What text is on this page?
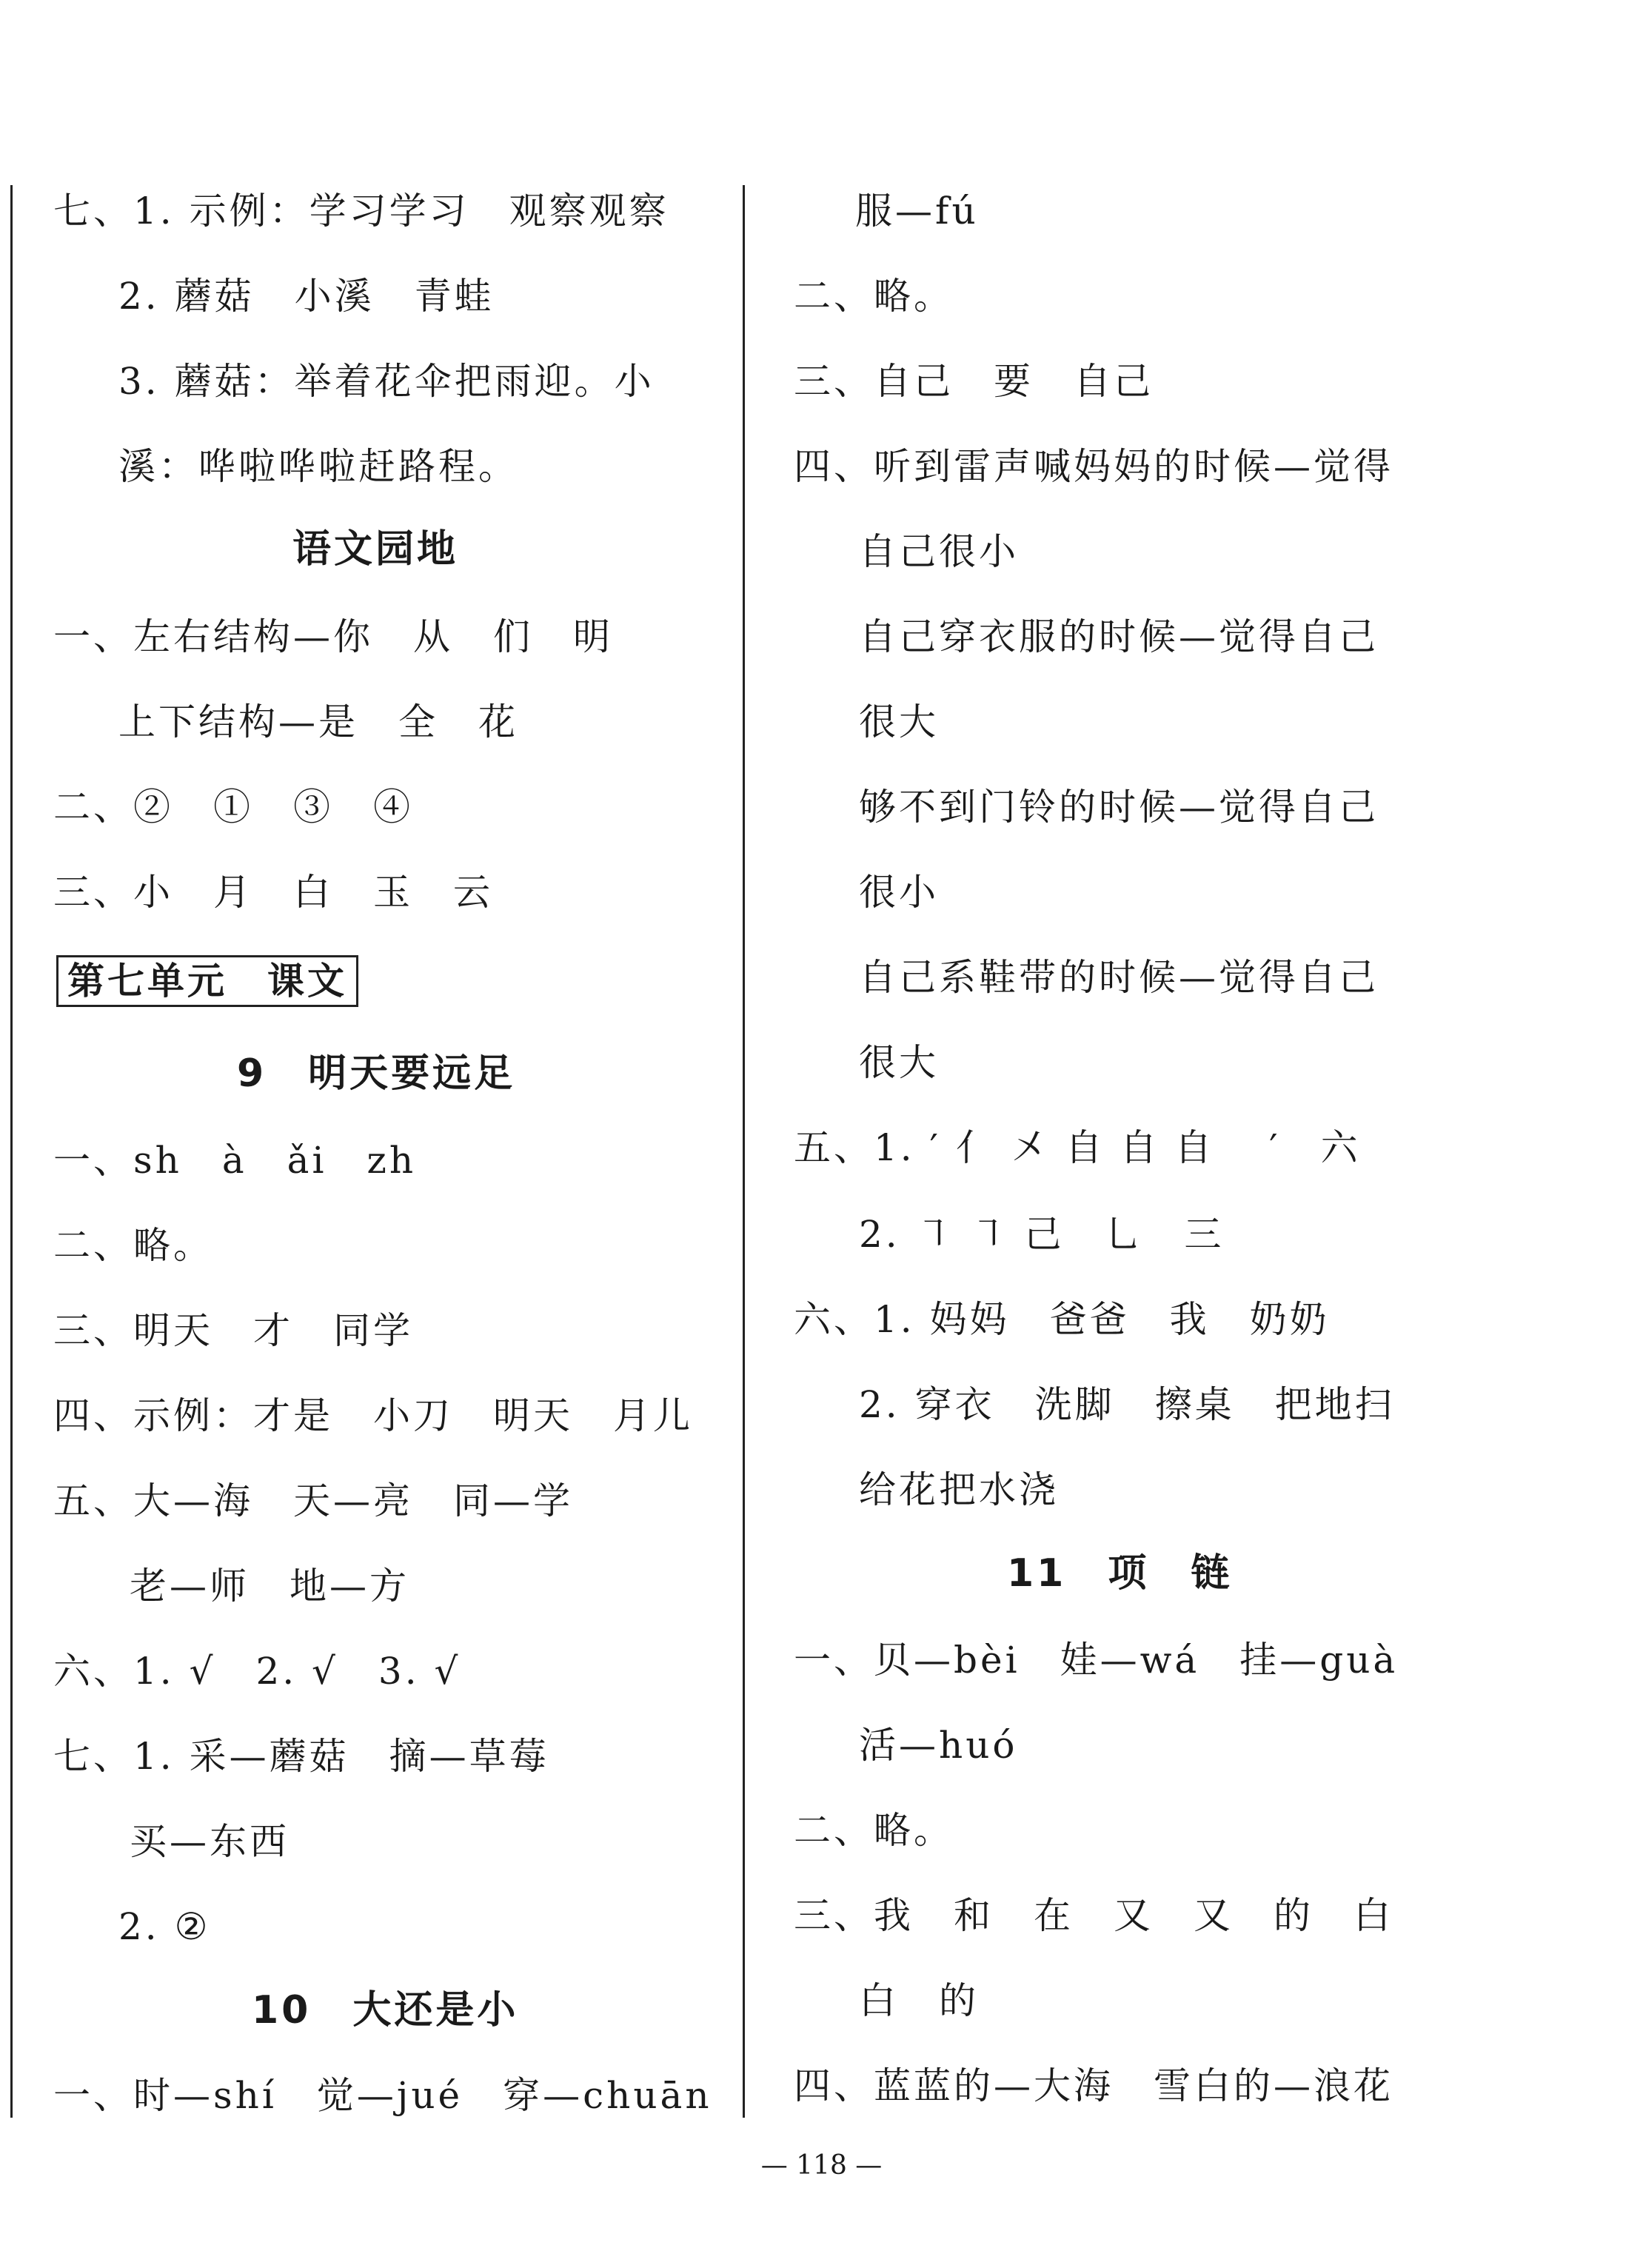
七、1. 示例：学习学习　观察观察
2. 蘑菇　小溪　青蛙
3. 蘑菇：举着花伞把雨迎。小
溪：哗啦哗啦赶路程。
语文园地
一、左右结构—你　从　们　明
上下结构—是　全　花
二、②　①　③　④
三、小　月　白　玉　云
第七单元　课文
9　明天要远足
一、sh　à　ǎi　zh
二、略。
三、明天　才　同学
四、示例：才是　小刀　明天　月儿
五、大—海　天—亮　同—学
老—师　地—方
六、1. √　2. √　3. √
七、1. 采—蘑菇　摘—草莓
买—东西
2. ②
10　大还是小
一、时—shí　觉—jué　穿—chuān
服—fú
二、略。
三、自己　要　自己
四、听到雷声喊妈妈的时候—觉得
自己很小
自己穿衣服的时候—觉得自己
很大
够不到门铃的时候—觉得自己
很小
自己系鞋带的时候—觉得自己
很大
五、1. ′ ⺅ 㐅 自 自 自　 ′　六
2. ㇕ ㇕ 己　乚　三
六、1. 妈妈　爸爸　我　奶奶
2. 穿衣　洗脚　擦桌　把地扫
给花把水浇
11　项　链
一、贝—bèi　娃—wá　挂—guà
活—huó
二、略。
三、我　和　在　又　又　的　白
白　的
四、蓝蓝的—大海　雪白的—浪花
— 118 —
